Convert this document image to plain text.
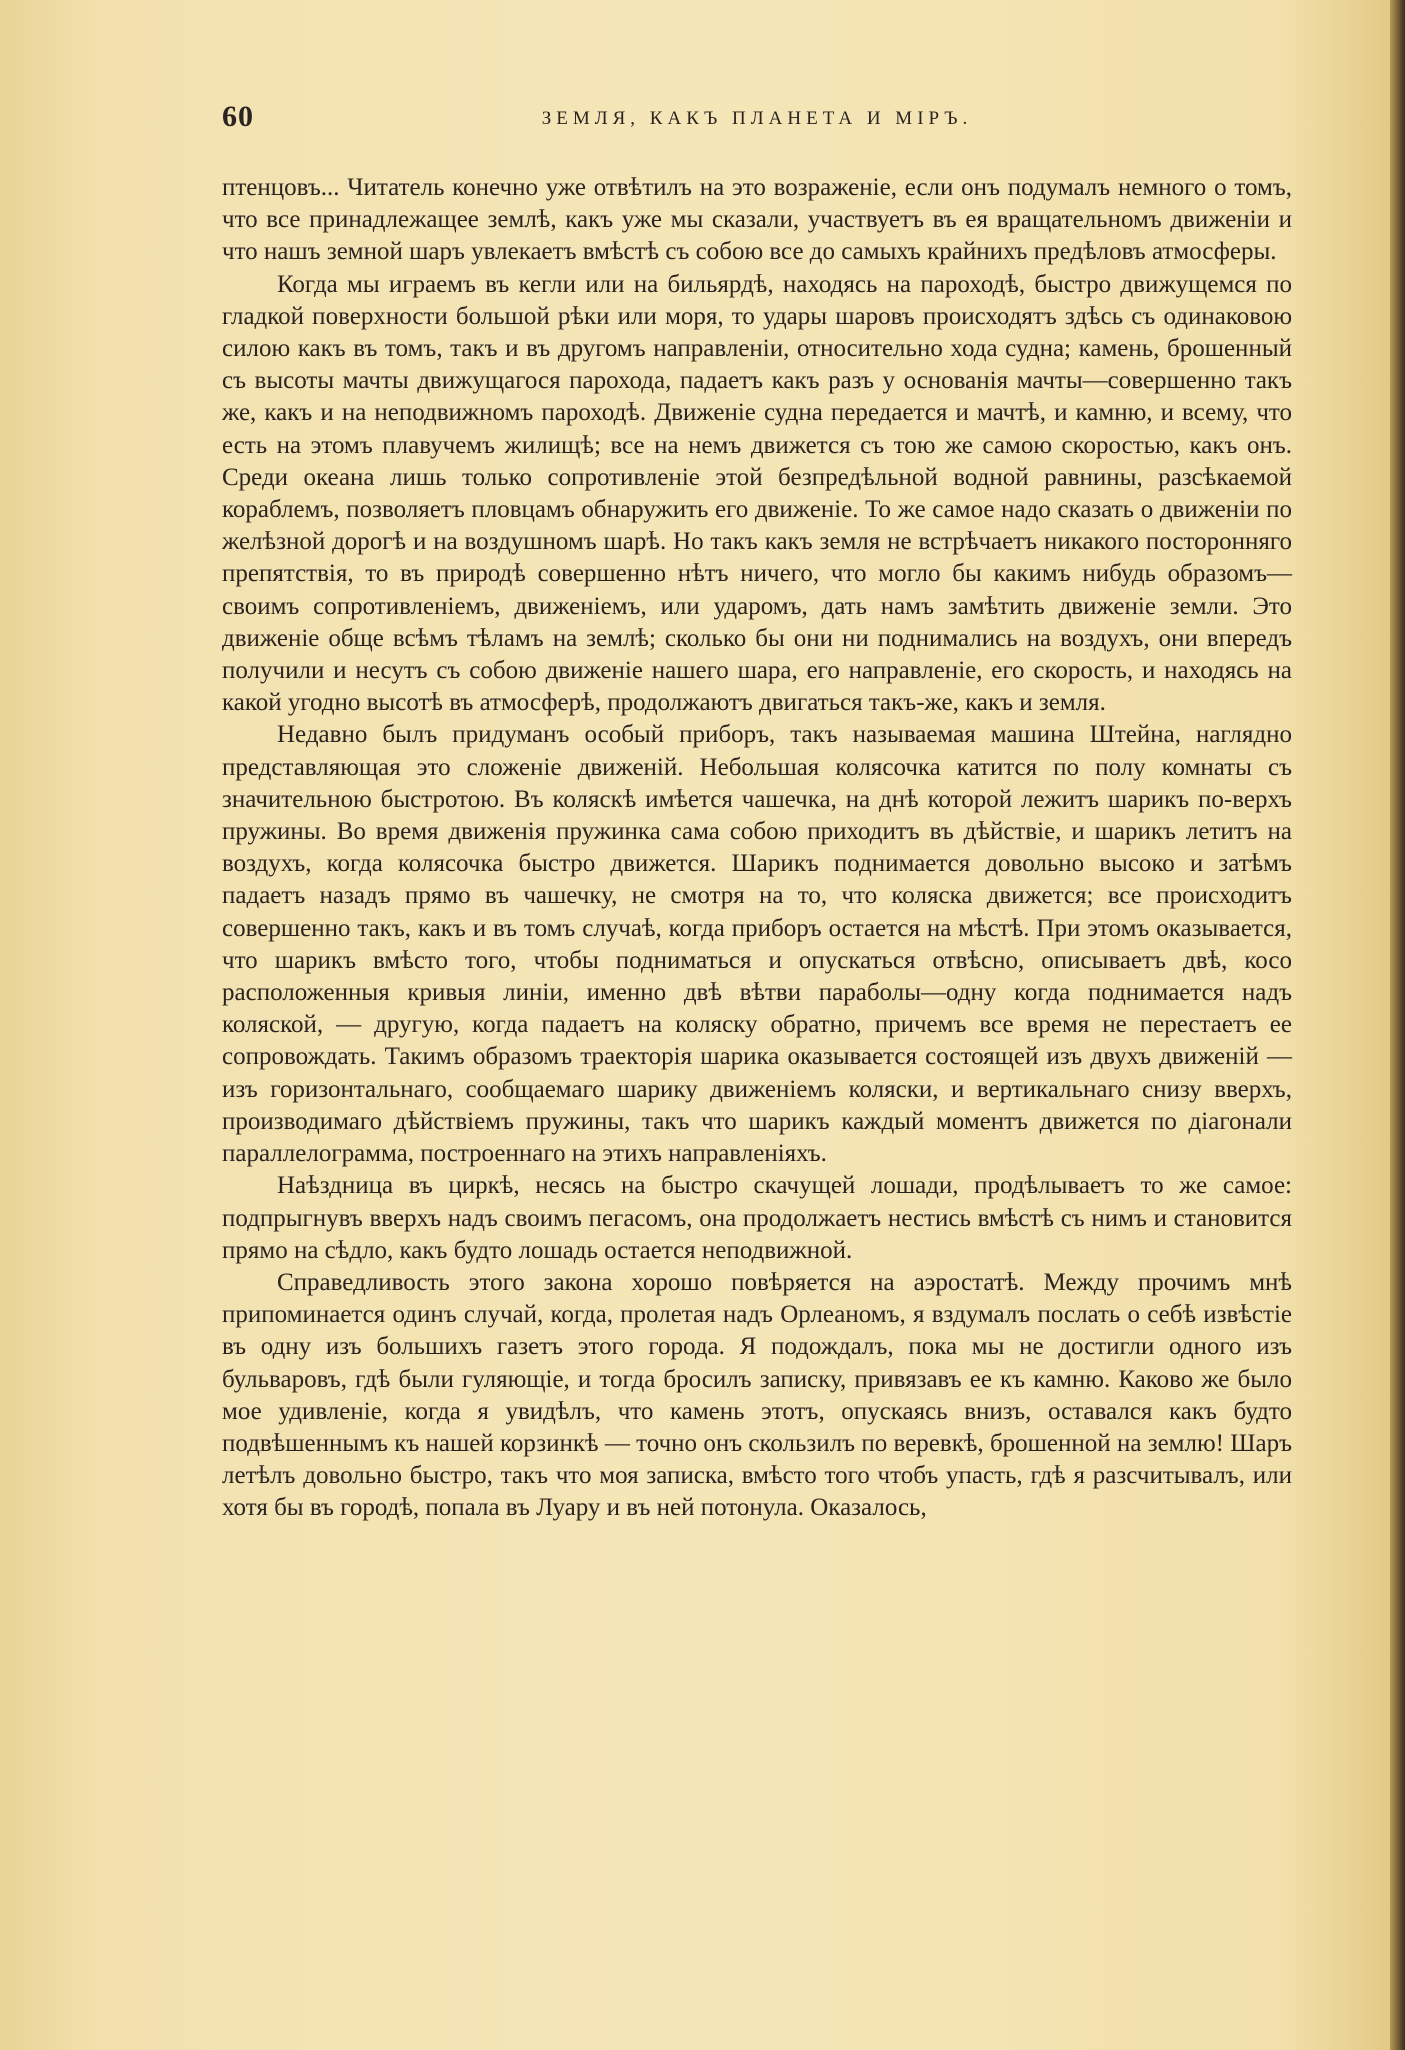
60	ЗЕМЛЯ, КАКЪ ПЛАНЕТА И МІРЪ.

птенцовъ... Читатель конечно уже отвѣтилъ на это возраженіе, если онъ подумалъ немного о томъ, что все принадлежащее землѣ, какъ уже мы сказали, участвуетъ въ ея вращательномъ движеніи и что нашъ земной шаръ увлекаетъ вмѣстѣ съ собою все до самыхъ крайнихъ предѣловъ атмосферы.

Когда мы играемъ въ кегли или на бильярдѣ, находясь на пароходѣ, быстро движущемся по гладкой поверхности большой рѣки или моря, то удары шаровъ происходятъ здѣсь съ одинаковою силою какъ въ томъ, такъ и въ другомъ направленіи, относительно хода судна; камень, брошенный съ высоты мачты движущагося парохода, падаетъ какъ разъ у основанія мачты—совершенно такъ же, какъ и на неподвижномъ пароходѣ. Движеніе судна передается и мачтѣ, и камню, и всему, что есть на этомъ плавучемъ жилищѣ; все на немъ движется съ тою же самою скоростью, какъ онъ. Среди океана лишь только сопротивленіе этой безпредѣльной водной равнины, разсѣкаемой кораблемъ, позволяетъ пловцамъ обнаружить его движеніе. То же самое надо сказать о движеніи по желѣзной дорогѣ и на воздушномъ шарѣ. Но такъ какъ земля не встрѣчаетъ никакого посторонняго препятствія, то въ природѣ совершенно нѣтъ ничего, что могло бы какимъ нибудь образомъ—своимъ сопротивленіемъ, движеніемъ, или ударомъ, дать намъ замѣтить движеніе земли. Это движеніе обще всѣмъ тѣламъ на землѣ; сколько бы они ни поднимались на воздухъ, они впередъ получили и несутъ съ собою движеніе нашего шара, его направленіе, его скорость, и находясь на какой угодно высотѣ въ атмосферѣ, продолжаютъ двигаться такъ-же, какъ и земля.

Недавно былъ придуманъ особый приборъ, такъ называемая машина Штейна, наглядно представляющая это сложеніе движеній. Небольшая колясочка катится по полу комнаты съ значительною быстротою. Въ коляскѣ имѣется чашечка, на днѣ которой лежитъ шарикъ по-верхъ пружины. Во время движенія пружинка сама собою приходитъ въ дѣйствіе, и шарикъ летитъ на воздухъ, когда колясочка быстро движется. Шарикъ поднимается довольно высоко и затѣмъ падаетъ назадъ прямо въ чашечку, не смотря на то, что коляска движется; все происходитъ совершенно такъ, какъ и въ томъ случаѣ, когда приборъ остается на мѣстѣ. При этомъ оказывается, что шарикъ вмѣсто того, чтобы подниматься и опускаться отвѣсно, описываетъ двѣ, косо расположенныя кривыя линіи, именно двѣ вѣтви параболы—одну когда поднимается надъ коляской, — другую, когда падаетъ на коляску обратно, причемъ все время не перестаетъ ее сопровождать. Такимъ образомъ траекторія шарика оказывается состоящей изъ двухъ движеній — изъ горизонтальнаго, сообщаемаго шарику движеніемъ коляски, и вертикальнаго снизу вверхъ, производимаго дѣйствіемъ пружины, такъ что шарикъ каждый моментъ движется по діагонали параллелограмма, построеннаго на этихъ направленіяхъ.

Наѣздница въ циркѣ, несясь на быстро скачущей лошади, продѣлываетъ то же самое: подпрыгнувъ вверхъ надъ своимъ пегасомъ, она продолжаетъ нестись вмѣстѣ съ нимъ и становится прямо на сѣдло, какъ будто лошадь остается неподвижной.

Справедливость этого закона хорошо повѣряется на аэростатѣ. Между прочимъ мнѣ припоминается одинъ случай, когда, пролетая надъ Орлеаномъ, я вздумалъ послать о себѣ извѣстіе въ одну изъ большихъ газетъ этого города. Я подождалъ, пока мы не достигли одного изъ бульваровъ, гдѣ были гуляющіе, и тогда бросилъ записку, привязавъ ее къ камню. Каково же было мое удивленіе, когда я увидѣлъ, что камень этотъ, опускаясь внизъ, оставался какъ будто подвѣшеннымъ къ нашей корзинкѣ — точно онъ скользилъ по веревкѣ, брошенной на землю! Шаръ летѣлъ довольно быстро, такъ что моя записка, вмѣсто того чтобъ упасть, гдѣ я разсчитывалъ, или хотя бы въ городѣ, попала въ Луару и въ ней потонула. Оказалось,
